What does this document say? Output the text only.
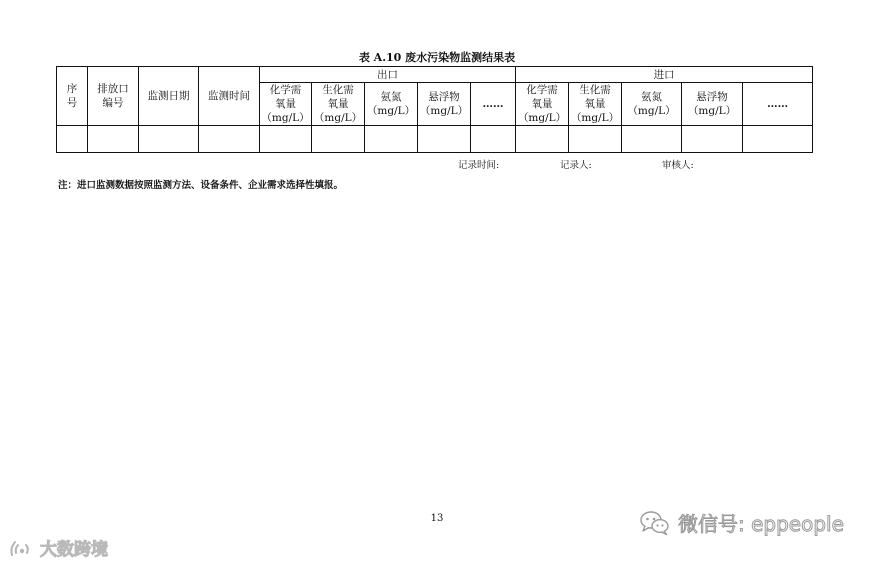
表 A.10 废水污染物监测结果表
序
号	排放口
编号	监测日期	监测时间	出口					进口				
				化学需
氧量
（mg/L）	生化需
氧量
（mg/L）	氨氮
（mg/L）	悬浮物
（mg/L）	……	化学需
氧量
（mg/L）	生化需
氧量
（mg/L）	氨氮
（mg/L）	悬浮物
（mg/L）	……

记录时间:	记录人:	审核人:
注：进口监测数据按照监测方法、设备条件、企业需求选择性填报。
13
大数跨境
微信号: eppeople
